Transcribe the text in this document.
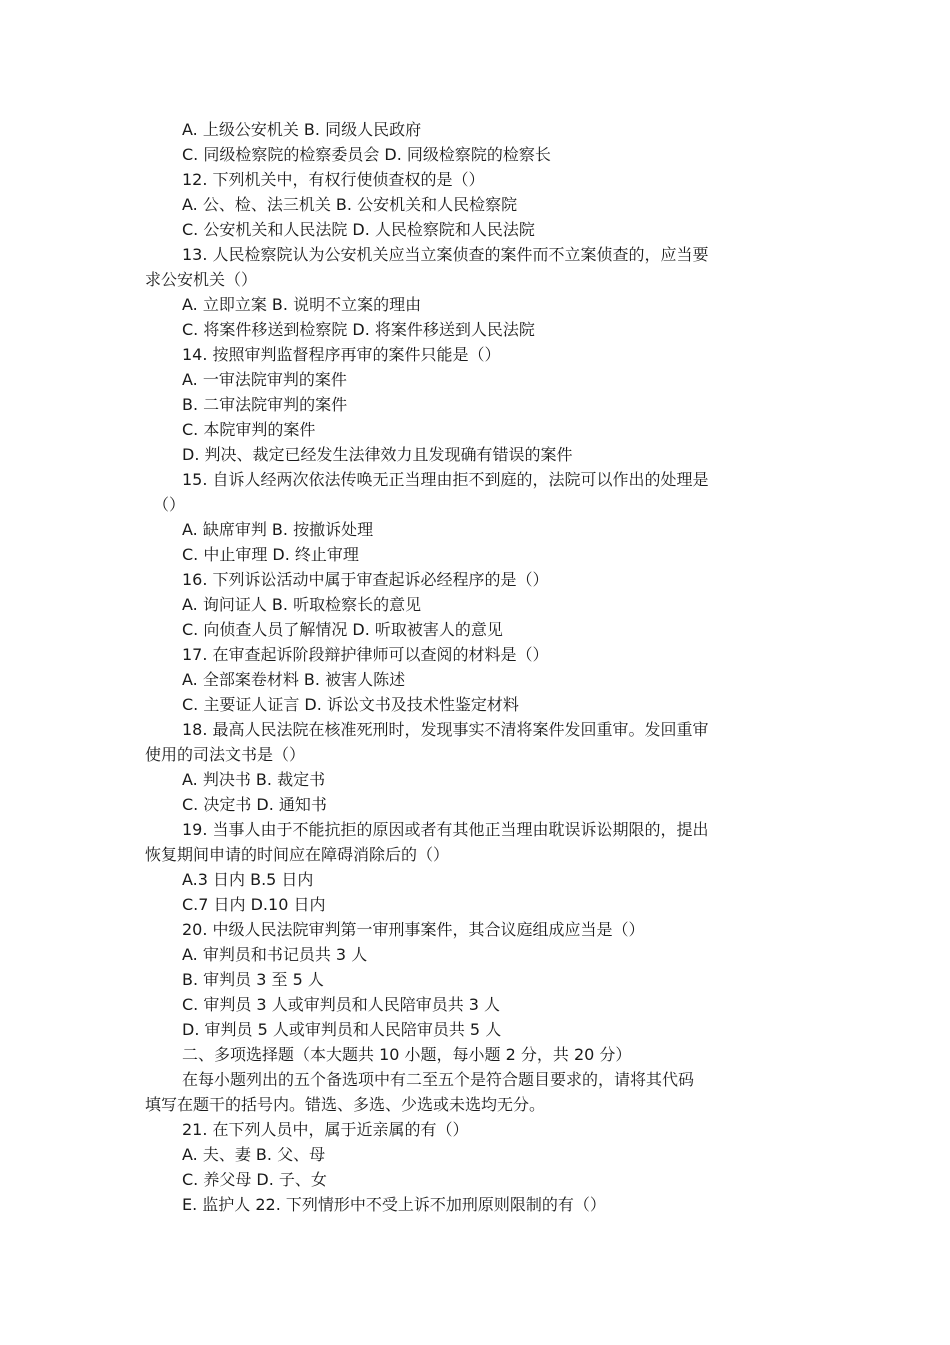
A. 上级公安机关 B. 同级人民政府
C. 同级检察院的检察委员会 D. 同级检察院的检察长
12. 下列机关中，有权行使侦查权的是（）
A. 公、检、法三机关 B. 公安机关和人民检察院
C. 公安机关和人民法院 D. 人民检察院和人民法院
13. 人民检察院认为公安机关应当立案侦查的案件而不立案侦查的，应当要
求公安机关（）
A. 立即立案 B. 说明不立案的理由
C. 将案件移送到检察院 D. 将案件移送到人民法院
14. 按照审判监督程序再审的案件只能是（）
A. 一审法院审判的案件
B. 二审法院审判的案件
C. 本院审判的案件
D. 判决、裁定已经发生法律效力且发现确有错误的案件
15. 自诉人经两次依法传唤无正当理由拒不到庭的，法院可以作出的处理是
（）
A. 缺席审判 B. 按撤诉处理
C. 中止审理 D. 终止审理
16. 下列诉讼活动中属于审查起诉必经程序的是（）
A. 询问证人 B. 听取检察长的意见
C. 向侦查人员了解情况 D. 听取被害人的意见
17. 在审查起诉阶段辩护律师可以查阅的材料是（）
A. 全部案卷材料 B. 被害人陈述
C. 主要证人证言 D. 诉讼文书及技术性鉴定材料
18. 最高人民法院在核准死刑时，发现事实不清将案件发回重审。发回重审
使用的司法文书是（）
A. 判决书 B. 裁定书
C. 决定书 D. 通知书
19. 当事人由于不能抗拒的原因或者有其他正当理由耽误诉讼期限的，提出
恢复期间申请的时间应在障碍消除后的（）
A.3 日内 B.5 日内
C.7 日内 D.10 日内
20. 中级人民法院审判第一审刑事案件，其合议庭组成应当是（）
A. 审判员和书记员共 3 人
B. 审判员 3 至 5 人
C. 审判员 3 人或审判员和人民陪审员共 3 人
D. 审判员 5 人或审判员和人民陪审员共 5 人
二、多项选择题（本大题共 10 小题，每小题 2 分，共 20 分）
在每小题列出的五个备选项中有二至五个是符合题目要求的，请将其代码
填写在题干的括号内。错选、多选、少选或未选均无分。
21. 在下列人员中，属于近亲属的有（）
A. 夫、妻 B. 父、母
C. 养父母 D. 子、女
E. 监护人 22. 下列情形中不受上诉不加刑原则限制的有（）
